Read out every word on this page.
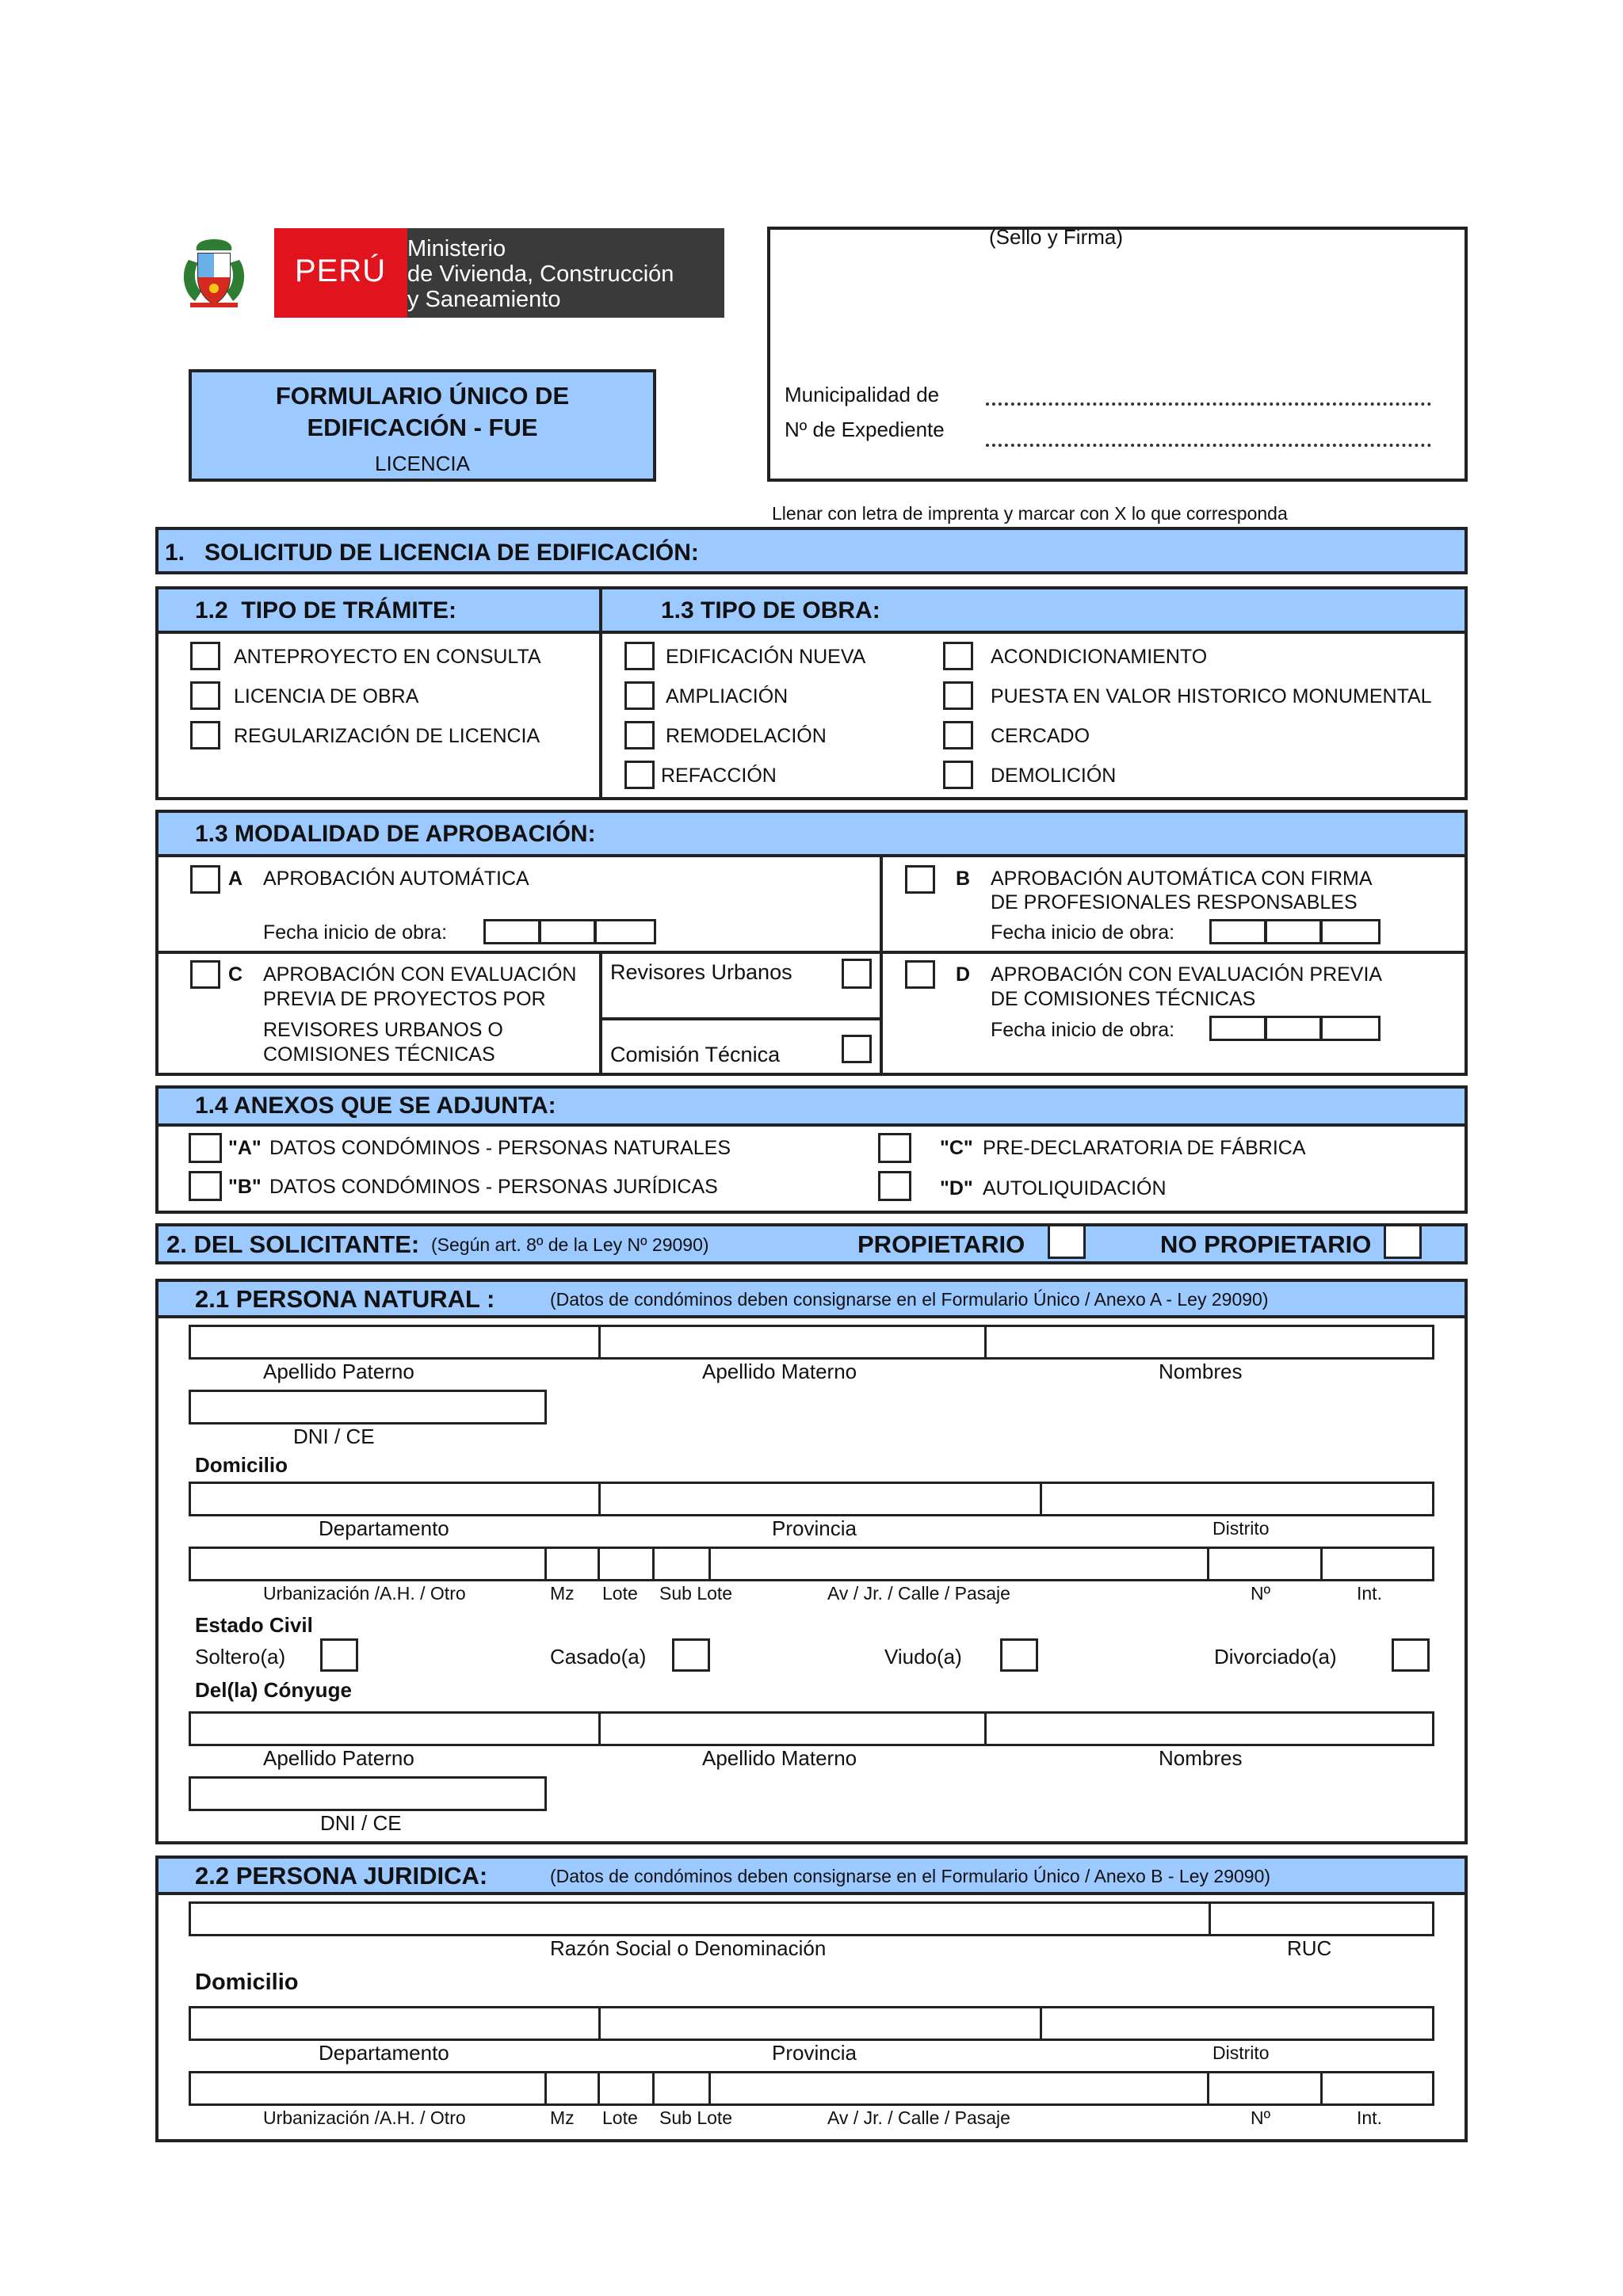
PERÚ
Ministerio
de Vivienda, Construcción
y Saneamiento
FORMULARIO ÚNICO DE
EDIFICACIÓN - FUE
LICENCIA
(Sello y Firma)
Municipalidad de
Nº de Expediente
Llenar con letra de imprenta y marcar con X lo que corresponda
1.   SOLICITUD DE LICENCIA DE EDIFICACIÓN:
1.2  TIPO DE TRÁMITE:	1.3 TIPO DE OBRA:
ANTEPROYECTO EN CONSULTA
LICENCIA DE OBRA
REGULARIZACIÓN DE LICENCIA
EDIFICACIÓN NUEVA
AMPLIACIÓN
REMODELACIÓN
REFACCIÓN
ACONDICIONAMIENTO
PUESTA EN VALOR HISTORICO MONUMENTAL
CERCADO
DEMOLICIÓN
1.3 MODALIDAD DE APROBACIÓN:
A APROBACIÓN AUTOMÁTICA
Fecha inicio de obra:
B APROBACIÓN AUTOMÁTICA CON FIRMA
DE PROFESIONALES RESPONSABLES
Fecha inicio de obra:
C APROBACIÓN CON EVALUACIÓN
PREVIA DE PROYECTOS POR
REVISORES URBANOS O
COMISIONES TÉCNICAS
Revisores Urbanos
Comisión Técnica
D APROBACIÓN CON EVALUACIÓN PREVIA
DE COMISIONES TÉCNICAS
Fecha inicio de obra:
1.4 ANEXOS QUE SE ADJUNTA:
"A" DATOS CONDÓMINOS - PERSONAS NATURALES
"B" DATOS CONDÓMINOS - PERSONAS JURÍDICAS
"C" PRE-DECLARATORIA DE FÁBRICA
"D" AUTOLIQUIDACIÓN
2. DEL SOLICITANTE: (Según art. 8º de la Ley Nº 29090)	PROPIETARIO	NO PROPIETARIO
2.1 PERSONA NATURAL :	(Datos de condóminos deben consignarse en el Formulario Único / Anexo A - Ley 29090)
Apellido Paterno	Apellido Materno	Nombres
DNI / CE
Domicilio
Departamento	Provincia	Distrito
Urbanización /A.H. / Otro	Mz Lote Sub Lote	Av / Jr. / Calle / Pasaje	Nº	Int.
Estado Civil
Soltero(a)	Casado(a)	Viudo(a)	Divorciado(a)
Del(la) Cónyuge
Apellido Paterno	Apellido Materno	Nombres
DNI / CE
2.2 PERSONA JURIDICA:	(Datos de condóminos deben consignarse en el Formulario Único / Anexo B - Ley 29090)
Razón Social o Denominación	RUC
Domicilio
Departamento	Provincia	Distrito
Urbanización /A.H. / Otro	Mz Lote Sub Lote	Av / Jr. / Calle / Pasaje	Nº	Int.
